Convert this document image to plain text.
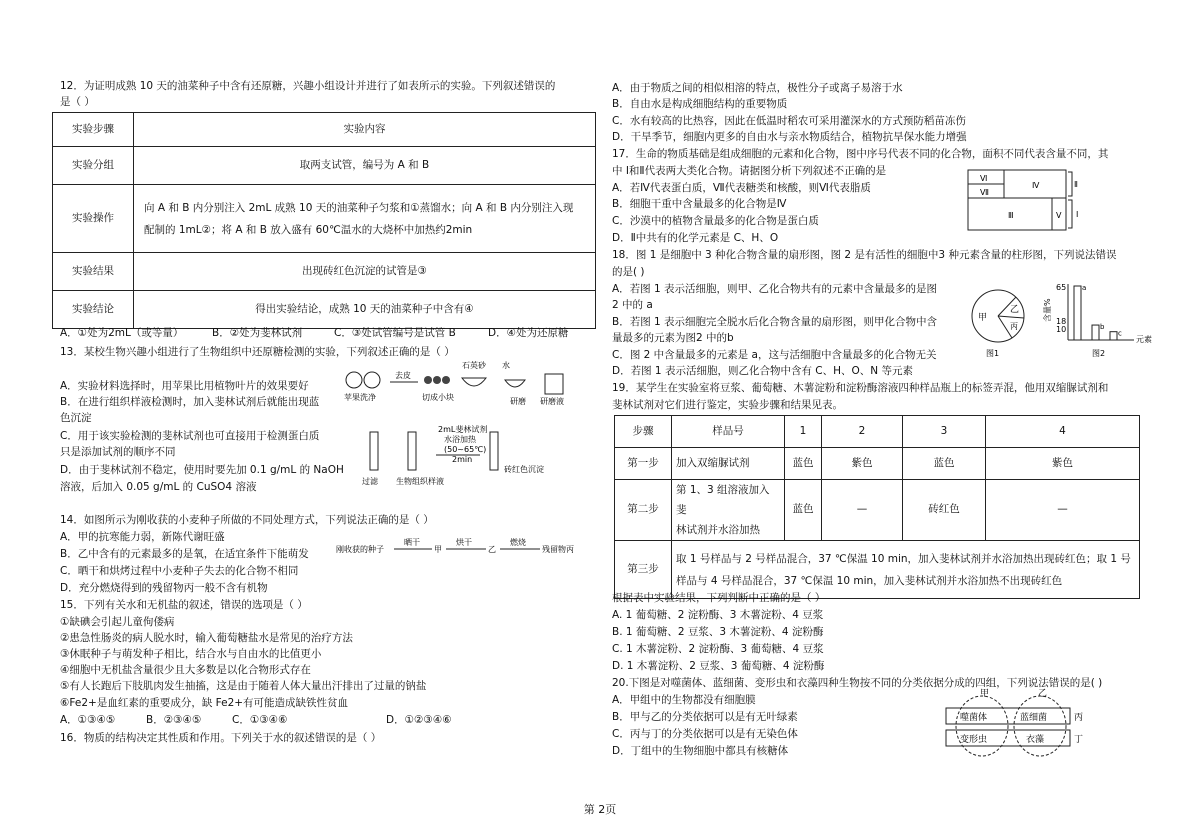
12．为证明成熟 10 天的油菜种子中含有还原糖，兴趣小组设计并进行了如表所示的实验。下列叙述错误的
是（ ）
实验步骤	实验内容
实验分组	取两支试管，编号为 A 和 B
实验操作	向 A 和 B 内分别注入 2mL 成熟 10 天的油菜种子匀浆和①蒸馏水；向 A 和 B 内分别注入现
配制的 1mL②；将 A 和 B 放入盛有 60℃温水的大烧杯中加热约2min

实验结果	出现砖红色沉淀的试管是③
实验结论	得出实验结论，成熟 10 天的油菜种子中含有④
A．①处为2mL（或等量）	B．②处为斐林试剂	C．③处试管编号是试管 B	D．④处为还原糖
13．某校生物兴趣小组进行了生物组织中还原糖检测的实验，下列叙述正确的是（ ）
A．实验材料选择时，用苹果比用植物叶片的效果要好
B．在进行组织样液检测时，加入斐林试剂后就能出现蓝
色沉淀
C．用于该实验检测的斐林试剂也可直接用于检测蛋白质
只是添加试剂的顺序不同
D．由于斐林试剂不稳定，使用时要先加 0.1 g/mL 的 NaOH
溶液，后加入 0.05 g/mL 的 CuSO4 溶液
苹果洗净
去皮
切成小块
石英砂 水
研磨 研磨液
2mL斐林试剂
水浴加热
(50~65℃)
2min
过滤 生物组织样液
砖红色沉淀
14．如图所示为刚收获的小麦种子所做的不同处理方式，下列说法正确的是（ ）
A．甲的抗寒能力弱，新陈代谢旺盛
B．乙中含有的元素最多的是氧，在适宜条件下能萌发
C．晒干和烘烤过程中小麦种子失去的化合物不相同
D．充分燃烧得到的残留物丙一般不含有机物
刚收获的种子
晒干
甲
烘干
乙
燃烧
残留物丙
15．下列有关水和无机盐的叙述，错误的选项是（ ）
①缺碘会引起儿童佝偻病
②患急性肠炎的病人脱水时，输入葡萄糖盐水是常见的治疗方法
③休眠种子与萌发种子相比，结合水与自由水的比值更小
④细胞中无机盐含量很少且大多数是以化合物形式存在
⑤有人长跑后下肢肌肉发生抽搐，这是由于随着人体大量出汗排出了过量的钠盐
⑥Fe2+是血红素的重要成分，缺 Fe2+有可能造成缺铁性贫血
A．①③④⑤	B．②③④⑤	C．①③④⑥	D．①②③④⑥
16．物质的结构决定其性质和作用。下列关于水的叙述错误的是（ ）
A．由于物质之间的相似相溶的特点，极性分子或离子易溶于水
B．自由水是构成细胞结构的重要物质
C．水有较高的比热容，因此在低温时稻农可采用灌深水的方式预防稻苗冻伤
D．干旱季节，细胞内更多的自由水与亲水物质结合，植物抗旱保水能力增强
17．生命的物质基础是组成细胞的元素和化合物，图中序号代表不同的化合物，面积不同代表含量不同，其
中 Ⅰ和Ⅱ代表两大类化合物。请据图分析下列叙述不正确的是
A．若Ⅳ代表蛋白质，Ⅶ代表糖类和核酸，则Ⅵ代表脂质
B．细胞干重中含量最多的化合物是Ⅳ
C．沙漠中的植物含量最多的化合物是蛋白质
D．Ⅱ中共有的化学元素是 C、H、O
Ⅵ
Ⅶ
Ⅳ
Ⅲ	Ⅴ
Ⅱ
Ⅰ
18．图 1 是细胞中 3 种化合物含量的扇形图，图 2 是有活性的细胞中3 种元素含量的柱形图，下列说法错误
的是( )
A．若图 1 表示活细胞，则甲、乙化合物共有的元素中含量最多的是图
2 中的 a
B．若图 1 表示细胞完全脱水后化合物含量的扇形图，则甲化合物中含
量最多的元素为图2 中的b
C．图 2 中含量最多的元素是 a，这与活细胞中含量最多的化合物无关
D．若图 1 表示活细胞，则乙化合物中含有 C、H、O、N 等元素
甲
乙
丙
图1
含量%
元素
65
18
10
图2
a
b
c
19．某学生在实验室将豆浆、葡萄糖、木薯淀粉和淀粉酶溶液四种样品瓶上的标签弄混，他用双缩脲试剂和
斐林试剂对它们进行鉴定，实验步骤和结果见表。
步骤	样品号	1	2	3	4
第一步	加入双缩脲试剂	蓝色	紫色	蓝色	紫色
第二步	第 1、3 组溶液加入斐
林试剂并水浴加热	蓝色	—	砖红色	—
第三步	取 1 号样品与 2 号样品混合，37 ℃保温 10 min，加入斐林试剂并水浴加热出现砖红色；取 1 号
样品与 4 号样品混合，37 ℃保温 10 min，加入斐林试剂并水浴加热不出现砖红色				
根据表中实验结果，下列判断中正确的是（ ）
A. 1 葡萄糖、2 淀粉酶、3 木薯淀粉、4 豆浆
B. 1 葡萄糖、2 豆浆、3 木薯淀粉、4 淀粉酶
C. 1 木薯淀粉、2 淀粉酶、3 葡萄糖、4 豆浆
D. 1 木薯淀粉、2 豆浆、3 葡萄糖、4 淀粉酶
20.下图是对噬菌体、蓝细菌、变形虫和衣藻四种生物按不同的分类依据分成的四组，下列说法错误的是( )
A．甲组中的生物都没有细胞膜
B．甲与乙的分类依据可以是有无叶绿素
C．丙与丁的分类依据可以是有无染色体
D．丁组中的生物细胞中都具有核糖体
甲	乙
噬菌体	蓝细菌
变形虫	衣藻
丙
丁
第 2页
